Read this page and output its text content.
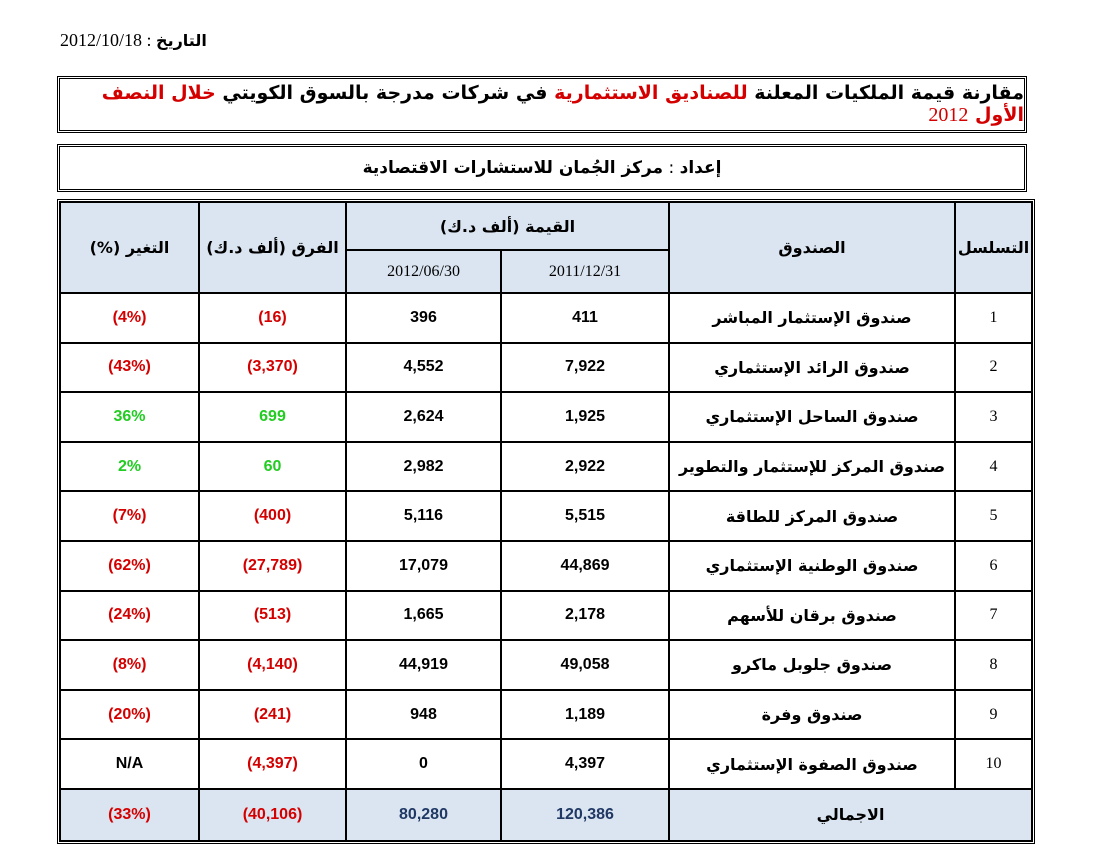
2012/10/18 : التاريخ
مقارنة قيمة الملكيات المعلنة للصناديق الاستثمارية في شركات مدرجة بالسوق الكويتي خلال النصف الأول 2012
إعداد : مركز الجُمان للاستشارات الاقتصادية
التسلسل	الصندوق	القيمة (ألف د.ك)		الفرق (ألف د.ك)	التغير (%)
		2011/12/31	2012/06/30		
1	صندوق الإستثمار المباشر	411	396	(16)	(4%)
2	صندوق الرائد الإستثماري	7,922	4,552	(3,370)	(43%)
3	صندوق الساحل الإستثماري	1,925	2,624	699	36%
4	صندوق المركز للإستثمار والتطوير	2,922	2,982	60	2%
5	صندوق المركز للطاقة	5,515	5,116	(400)	(7%)
6	صندوق الوطنية الإستثماري	44,869	17,079	(27,789)	(62%)
7	صندوق برقان للأسهم	2,178	1,665	(513)	(24%)
8	صندوق جلوبل ماكرو	49,058	44,919	(4,140)	(8%)
9	صندوق وفرة	1,189	948	(241)	(20%)
10	صندوق الصفوة الإستثماري	4,397	0	(4,397)	N/A
الاجمالي		120,386	80,280	(40,106)	(33%)
